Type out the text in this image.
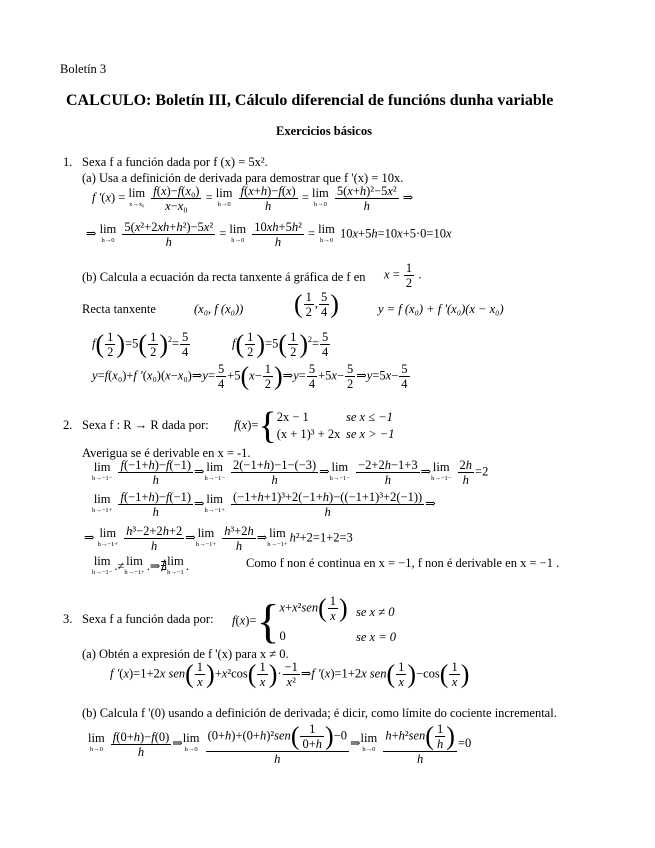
Boletín 3
CALCULO: Boletín III, Cálculo diferencial de funcións dunha variable
Exercicios básicos
1. Sexa f a función dada por f (x) = 5x².
(a) Usa a definición de derivada para demostrar que f '(x) = 10x.
f '(x) = lim
x→x₀
$\frac{\text{f(x)−f(x₀)}}{\text{x−x₀}} = \lim$
h→0
$\frac{f(x+h)-f(x)}{h} = \lim$
h→0
$\frac{\text{5(x+h)²−5x²}}{h}$ ⇒
⇒ lim
h→0
$\frac{\text{5(x²+2xh+h²)−5x²}}{h} = \lim$
h→0
$\frac{\text{10xh+5h²}}{h} = \lim$
h→0 10x+5h=10x+5·0=10x
(b) Calcula a ecuación da recta tanxente á gráfica de f en $x = \frac{1}{2}$ .
Recta tanxente	(x₀, f (x₀)) ( $\frac{1}{2}$ , $\frac{5}{4}$ )	y = f (x₀) + f '(x₀)(x − x₀)
$f( \frac{1}{2} )=5( \frac{1}{2} )^2= \frac{5}{4}$	$f( \frac{1}{2} )=5( \frac{1}{2} )^2= \frac{5}{4}$
y=f(x₀)+f '(x₀)(x−x₀)⇒y= $\frac{5}{4} +5(x- \frac{1}{2}$ )⇒y= $\frac{5}{4} +5x- \frac{5}{2}$ ⇒y=5x− $\frac{5}{4}$
2. Sexa f : R → R dada por: f(x)={ 2x − 1
(x + 1)³ + 2x
se x ≤ −1
se x > −1
Averigua se é derivable en x = -1.
lim
h→−1−
$\frac{f(-1+h)-f(-1)}{h}$ ⇒ lim
h→−1−
$\frac{2(-1+h)-1-(-3)}{h}$ ⇒ lim
h→−1−
$\frac{-2+2h-1+3}{h}$ ⇒ lim
h→−1−
$\frac{2h}{h} =2$
lim
h→−1+
$\frac{f(-1+h)-f(-1)}{h}$ ⇒ lim
h→−1+
$\frac{\text{(−1+h+1)³+2(−1+h)−((−1+1)³+2(−1))}}{h}$ ⇒
⇒ lim
h→−1+
$\frac{\text{h³−2+2h+2}}{h}$ ⇒ lim
h→−1+
$\frac{\text{h³+2h}}{h}$ ⇒ lim
h→−1+ h²+2=1+2=3
lim
h→−1− .≠ lim
h→−1+ .⇒∄ lim
h→−1 .	Como f non é continua en x = −1, f non é derivable en x = −1 .
3. Sexa f a función dada por: f(x)={ $x+x^2sen( \frac{1}{x}$ )
0
se x ≠ 0
se x = 0
(a) Obtén a expresión de f '(x) para x ≠ 0.
f '(x)=1+2x $sen( \frac{1}{x} )+x^2\cos( \frac{1}{x}$ )· $\frac{-1}{\text{x²}}$ ⇒f '(x)=1+2x $sen( \frac{1}{x} )-\cos( \frac{1}{x}$ )
(b) Calcula f '(0) usando a definición de derivada; é dicir, como límite do cociente incremental.
lim
h→0
$\frac{f(0+h)-f(0)}{h}$ ⇒ lim
h→0
$\frac{(0+h)+(0+h)^2sen( \frac{1}{0+h} )-0}{h}$ ⇒ lim
h→0
$\frac{h+h^2sen( \frac{1}{h} )}{h} =0$
